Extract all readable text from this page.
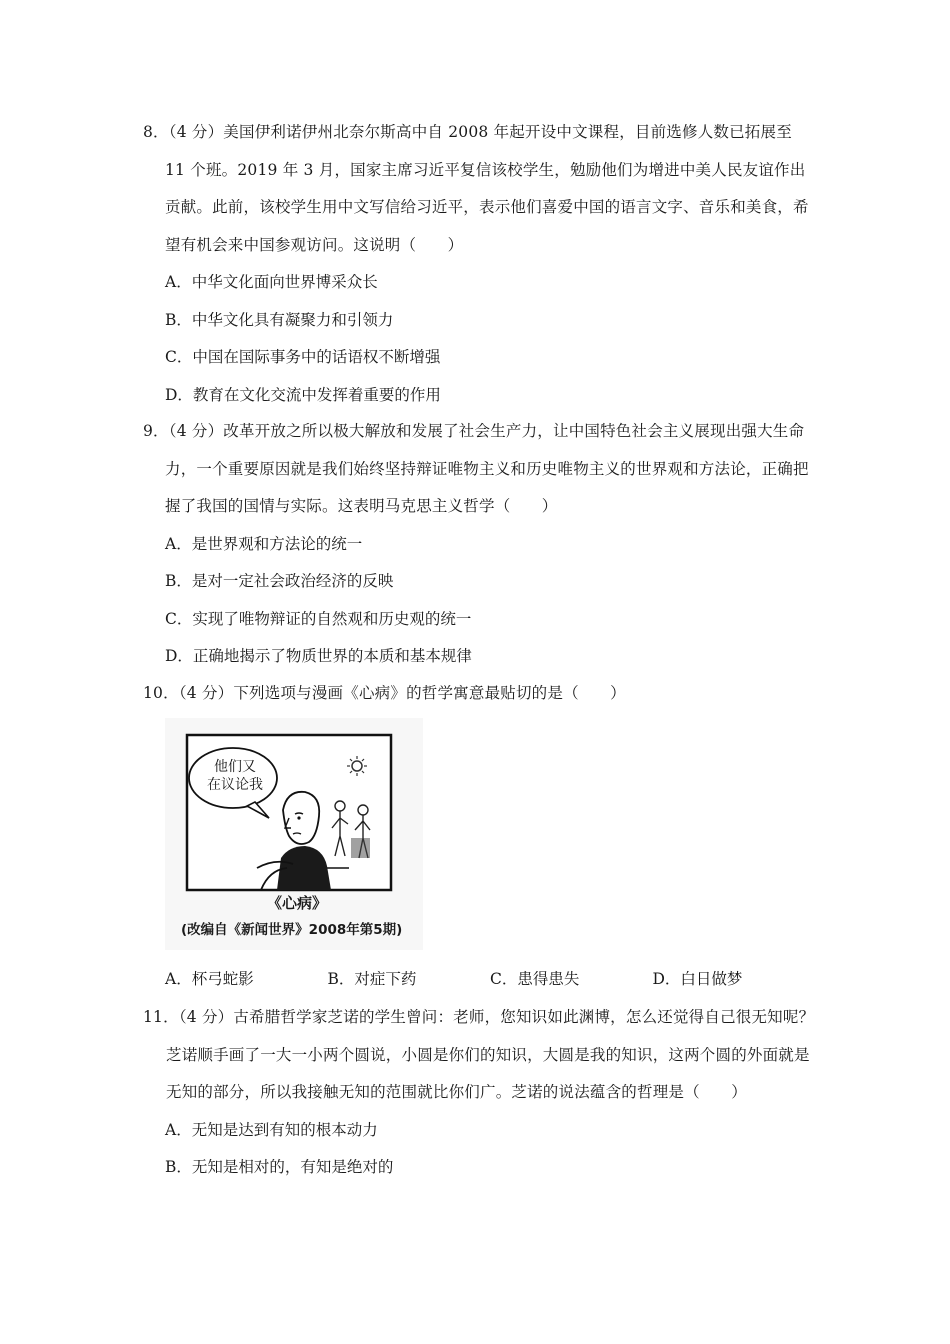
8．（4 分）美国伊利诺伊州北奈尔斯高中自 2008 年起开设中文课程，目前选修人数已拓展至 11 个班。2019 年 3 月，国家主席习近平复信该校学生，勉励他们为增进中美人民友谊作出贡献。此前，该校学生用中文写信给习近平，表示他们喜爱中国的语言文字、音乐和美食，希望有机会来中国参观访问。这说明（　　）
A．中华文化面向世界博采众长
B．中华文化具有凝聚力和引领力
C．中国在国际事务中的话语权不断增强
D．教育在文化交流中发挥着重要的作用
9．（4 分）改革开放之所以极大解放和发展了社会生产力，让中国特色社会主义展现出强大生命力，一个重要原因就是我们始终坚持辩证唯物主义和历史唯物主义的世界观和方法论，正确把握了我国的国情与实际。这表明马克思主义哲学（　　）
A．是世界观和方法论的统一
B．是对一定社会政治经济的反映
C．实现了唯物辩证的自然观和历史观的统一
D．正确地揭示了物质世界的本质和基本规律
10．（4 分）下列选项与漫画《心病》的哲学寓意最贴切的是（　　）
他们又
在议论我
《心病》
(改编自《新闻世界》2008年第5期)
A．杯弓蛇影	B．对症下药	C．患得患失	D．白日做梦
11．（4 分）古希腊哲学家芝诺的学生曾问：老师，您知识如此渊博，怎么还觉得自己很无知呢？芝诺顺手画了一大一小两个圆说，小圆是你们的知识，大圆是我的知识，这两个圆的外面就是无知的部分，所以我接触无知的范围就比你们广。芝诺的说法蕴含的哲理是（　　）
A．无知是达到有知的根本动力
B．无知是相对的，有知是绝对的
